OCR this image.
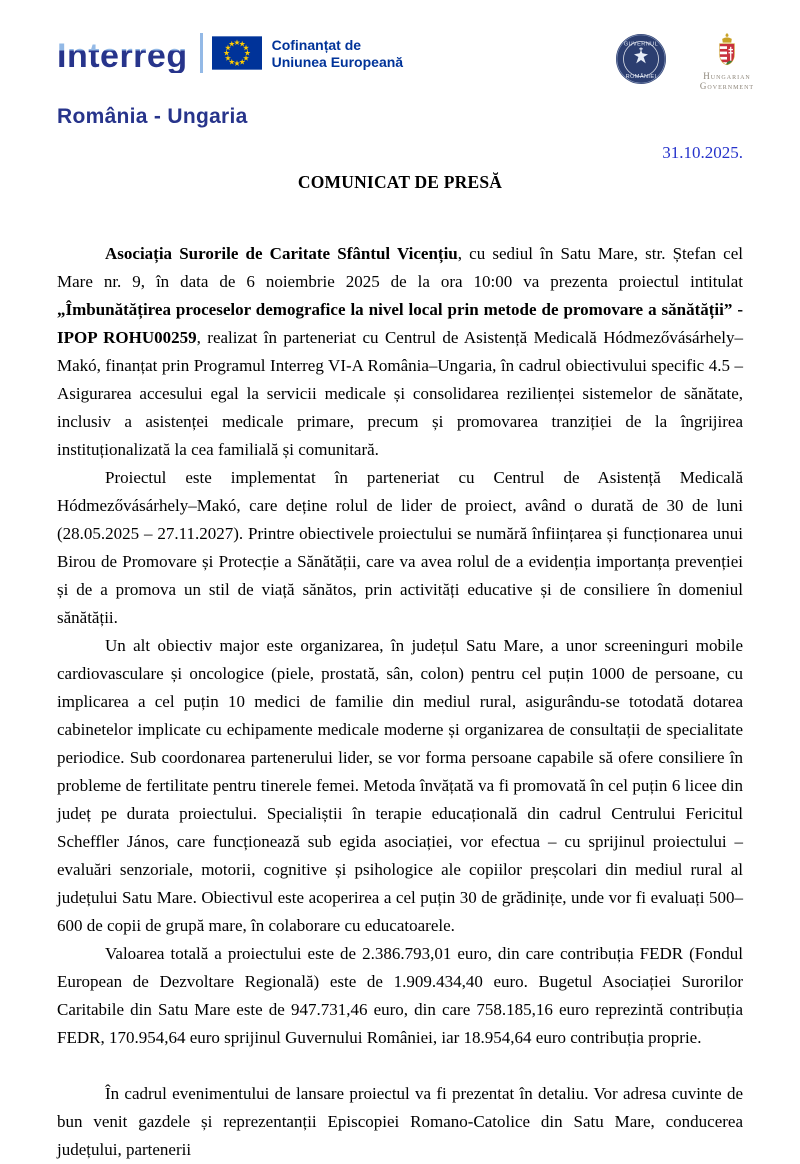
Interreg	Cofinanțat de
Uniunea Europeană
GUVERNUL
ROMÂNIEI	Hungarian
Government
România - Ungaria
31.10.2025.
COMUNICAT DE PRESĂ

Asociația Surorile de Caritate Sfântul Vicențiu, cu sediul în Satu Mare, str. Ștefan cel Mare nr. 9, în data de 6 noiembrie 2025 de la ora 10:00 va prezenta proiectul intitulat „Îmbunătățirea proceselor demografice la nivel local prin metode de promovare a sănătății” - IPOP ROHU00259, realizat în parteneriat cu Centrul de Asistență Medicală Hódmezővásárhely–Makó, finanțat prin Programul Interreg VI-A România–Ungaria, în cadrul obiectivului specific 4.5 – Asigurarea accesului egal la servicii medicale și consolidarea rezilienței sistemelor de sănătate, inclusiv a asistenței medicale primare, precum și promovarea tranziției de la îngrijirea instituționalizată la cea familială și comunitară.

Proiectul este implementat în parteneriat cu Centrul de Asistență Medicală Hódmezővásárhely–Makó, care deține rolul de lider de proiect, având o durată de 30 de luni (28.05.2025 – 27.11.2027). Printre obiectivele proiectului se numără înființarea și funcționarea unui Birou de Promovare și Protecție a Sănătății, care va avea rolul de a evidenția importanța prevenției și de a promova un stil de viață sănătos, prin activități educative și de consiliere în domeniul sănătății.

Un alt obiectiv major este organizarea, în județul Satu Mare, a unor screeninguri mobile cardiovasculare și oncologice (piele, prostată, sân, colon) pentru cel puțin 1000 de persoane, cu implicarea a cel puțin 10 medici de familie din mediul rural, asigurându-se totodată dotarea cabinetelor implicate cu echipamente medicale moderne și organizarea de consultații de specialitate periodice. Sub coordonarea partenerului lider, se vor forma persoane capabile să ofere consiliere în probleme de fertilitate pentru tinerele femei. Metoda învățată va fi promovată în cel puțin 6 licee din județ pe durata proiectului. Specialiștii în terapie educațională din cadrul Centrului Fericitul Scheffler János, care funcționează sub egida asociației, vor efectua – cu sprijinul proiectului – evaluări senzoriale, motorii, cognitive și psihologice ale copiilor preșcolari din mediul rural al județului Satu Mare. Obiectivul este acoperirea a cel puțin 30 de grădinițe, unde vor fi evaluați 500–600 de copii de grupă mare, în colaborare cu educatoarele.

Valoarea totală a proiectului este de 2.386.793,01 euro, din care contribuția FEDR (Fondul European de Dezvoltare Regională) este de 1.909.434,40 euro. Bugetul Asociației Surorilor Caritabile din Satu Mare este de 947.731,46 euro, din care 758.185,16 euro reprezintă contribuția FEDR, 170.954,64 euro sprijinul Guvernului României, iar 18.954,64 euro contribuția proprie.

În cadrul evenimentului de lansare proiectul va fi prezentat în detaliu. Vor adresa cuvinte de bun venit gazdele și reprezentanții Episcopiei Romano-Catolice din Satu Mare, conducerea județului, partenerii
